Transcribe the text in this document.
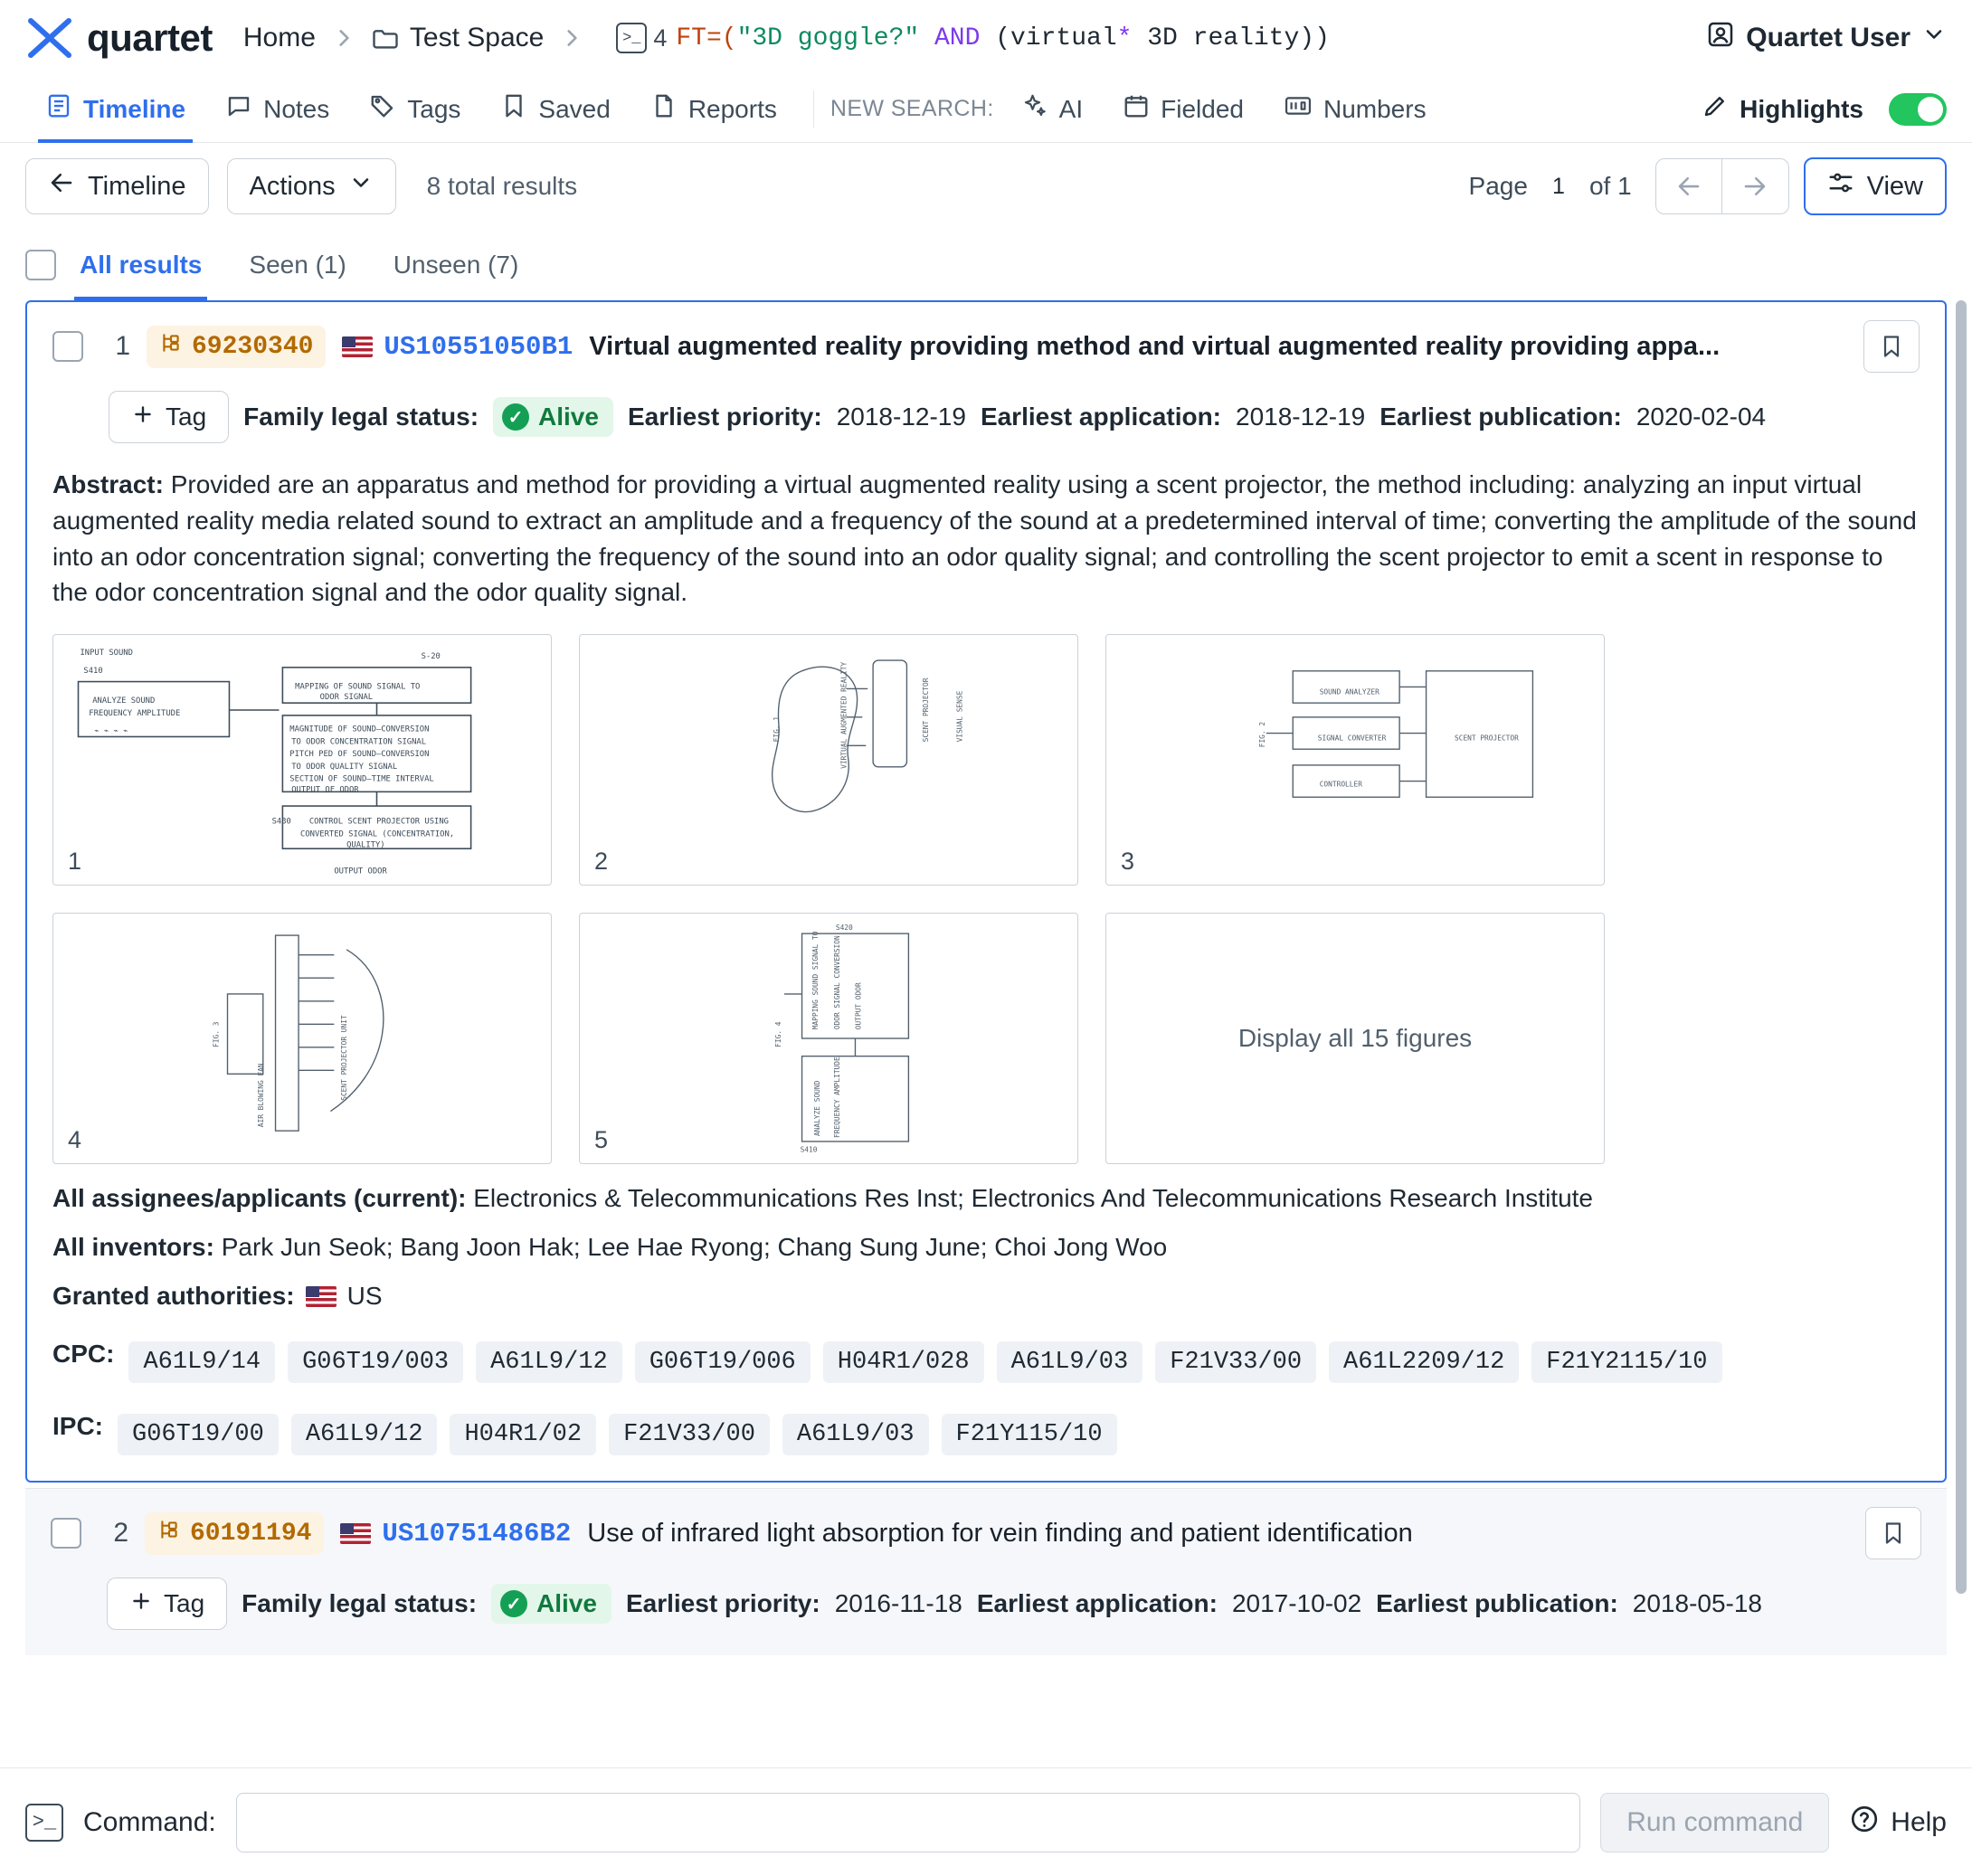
quartet Home	Test Space	>_ 4 FT=("3D goggle?" AND (virtual* 3D reality))	Quartet User
Timeline	Notes	Tags	Saved	Reports NEW SEARCH:	AI	Fielded	Numbers	Highlights
Timeline Actions	8 total results	Page	1 of 1	View
All results	Seen (1)	Unseen (7)
1 69230340	US10551050B1 Virtual augmented reality providing method and virtual augmented reality providing appa...
Tag Family legal status:	✓ Alive Earliest priority: 2018-12-19 Earliest application: 2018-12-19 Earliest publication: 2020-02-04
Abstract: Provided are an apparatus and method for providing a virtual augmented reality using a scent projector, the method including: analyzing an input virtual augmented reality media related sound to extract an amplitude and a frequency of the sound at a predetermined interval of time; converting the amplitude of the sound into an odor concentration signal; converting the frequency of the sound into an odor quality signal; and controlling the scent projector to emit a scent in response to the odor concentration signal and the odor quality signal.
INPUT SOUND	S-20
S410
ANALYZE SOUND
FREQUENCY AMPLITUDE
MAPPING OF SOUND SIGNAL TO
ODOR SIGNAL
MAGNITUDE OF SOUND—CONVERSION
TO ODOR CONCENTRATION SIGNAL
PITCH PED OF SOUND—CONVERSION
TO ODOR QUALITY SIGNAL
SECTION OF SOUND—TIME INTERVAL
OUTPUT OF ODOR
CONTROL SCENT PROJECTOR USING
CONVERTED SIGNAL (CONCENTRATION,
QUALITY)
S430
OUTPUT ODOR
⌁ ⌁ ⌁ ⌁
1
FIG. 1	VIRTUAL AUGMENTED REALITY	SCENT PROJECTOR	VISUAL SENSE
2
FIG. 2
SOUND ANALYZER
SIGNAL CONVERTER
CONTROLLER
SCENT PROJECTOR
3
FIG. 3	SCENT PROJECTOR UNIT
AIR BLOWING FAN
4
FIG. 4
MAPPING SOUND SIGNAL TO ODOR SIGNAL CONVERSION OUTPUT ODOR
ANALYZE SOUND FREQUENCY AMPLITUDE
S410
S420
5
Display all 15 figures
All assignees/applicants (current): Electronics & Telecommunications Res Inst; Electronics And Telecommunications Research Institute
All inventors: Park Jun Seok; Bang Joon Hak; Lee Hae Ryong; Chang Sung June; Choi Jong Woo
Granted authorities: US
CPC:	A61L9/14	G06T19/003	A61L9/12	G06T19/006	H04R1/028	A61L9/03	F21V33/00	A61L2209/12	F21Y2115/10
IPC:	G06T19/00	A61L9/12	H04R1/02	F21V33/00	A61L9/03	F21Y115/10
2 60191194	US10751486B2 Use of infrared light absorption for vein finding and patient identification
Tag Family legal status:	✓ Alive Earliest priority: 2016-11-18 Earliest application: 2017-10-02 Earliest publication: 2018-05-18
>_ Command:	Run command	Help
